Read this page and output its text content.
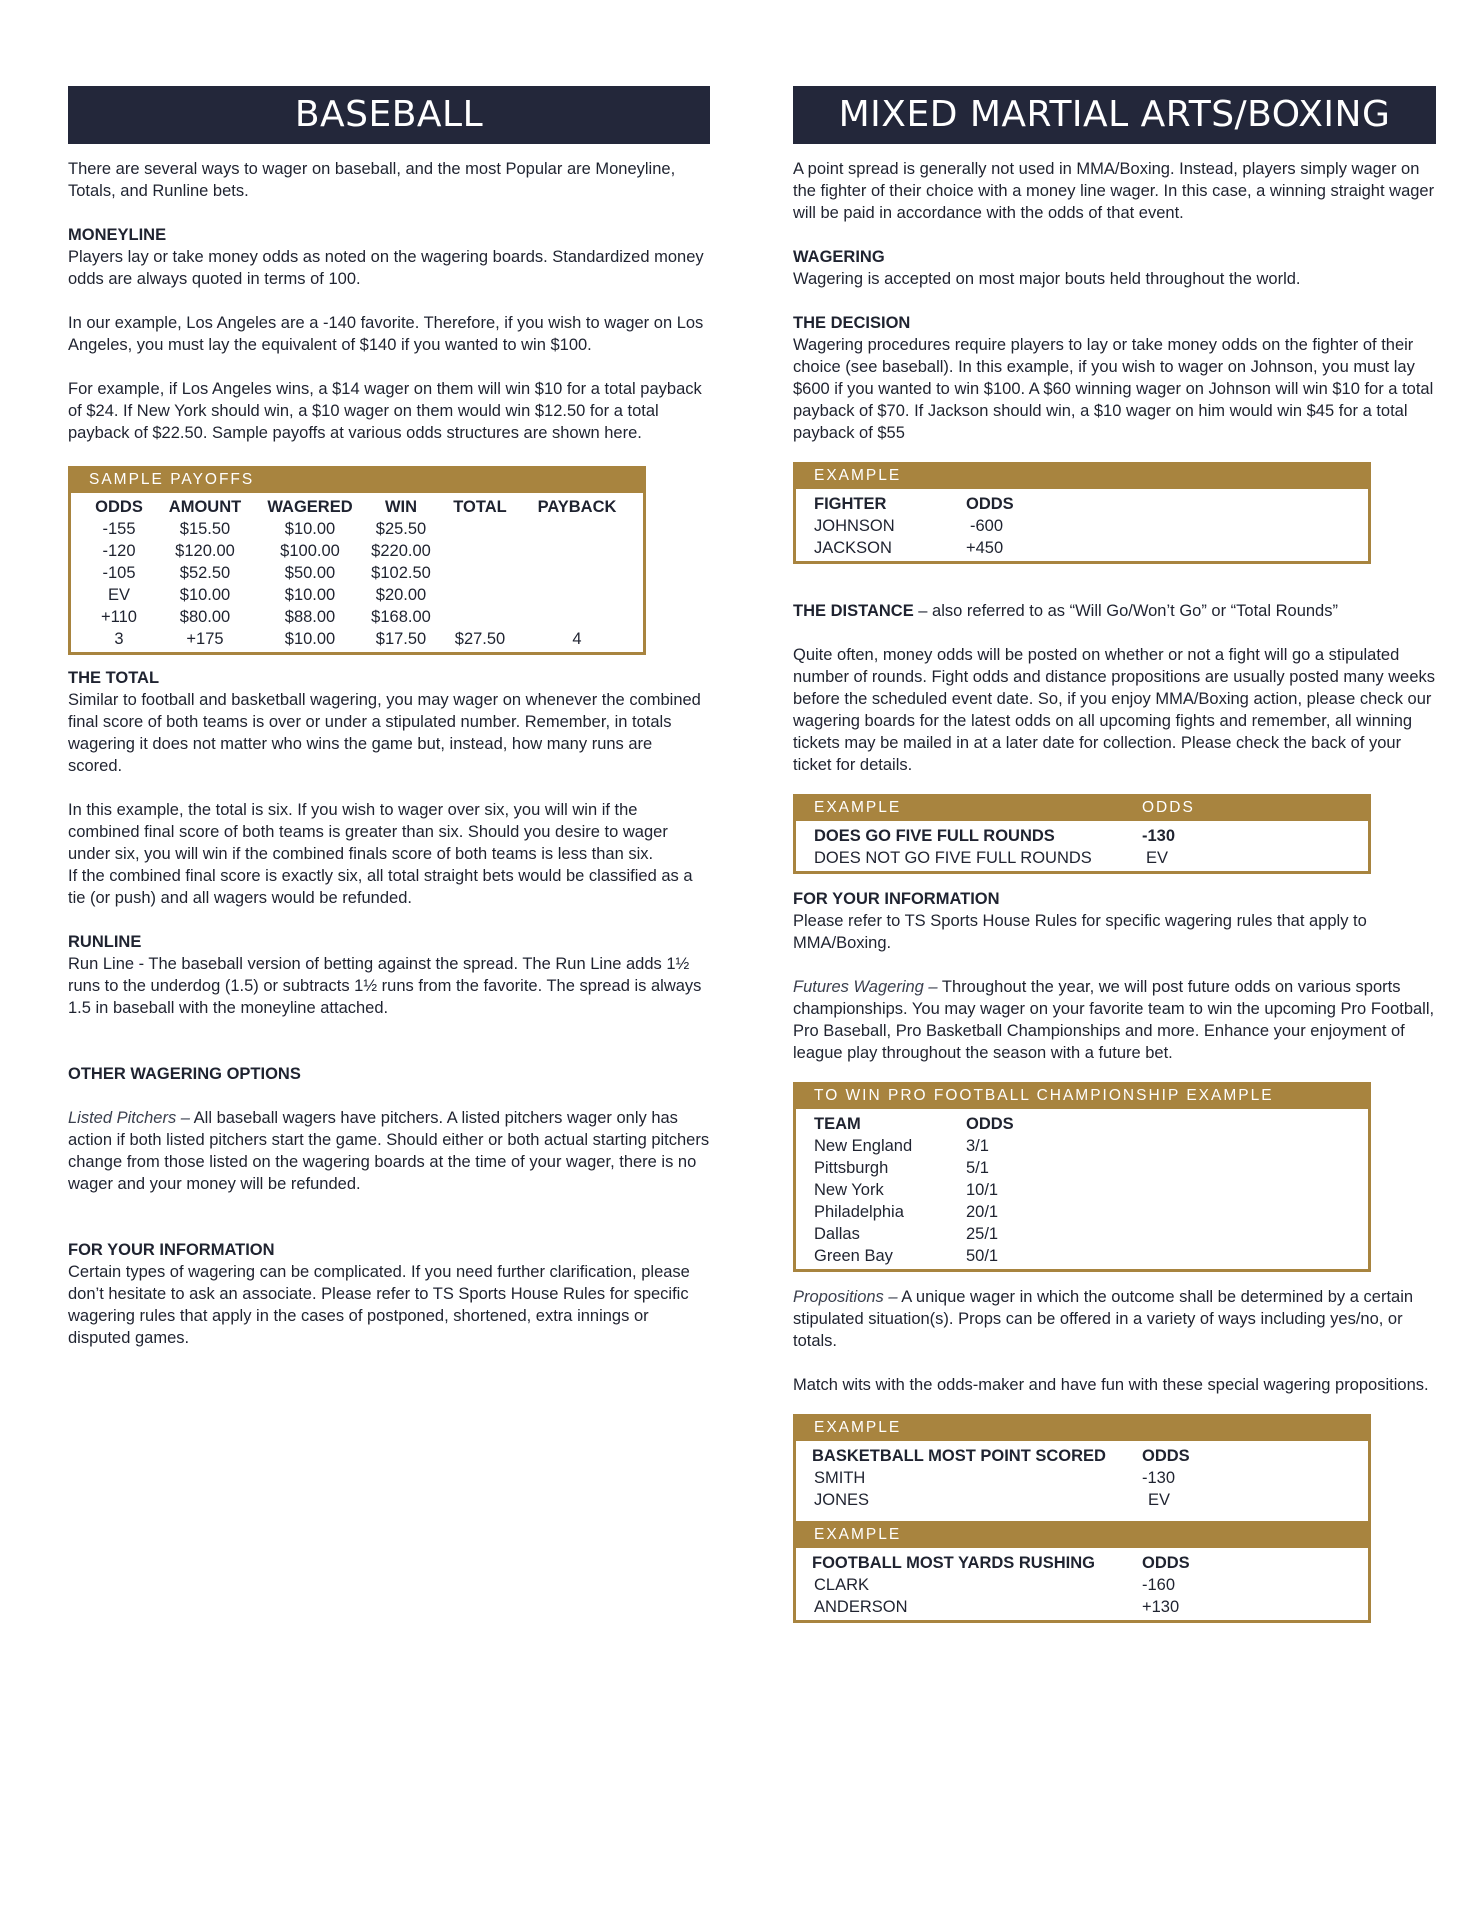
BASEBALL

There are several ways to wager on baseball, and the most Popular are Moneyline, Totals, and Runline bets.

MONEYLINE

Players lay or take money odds as noted on the wagering boards. Standardized money odds are always quoted in terms of 100.

In our example, Los Angeles are a -140 favorite. Therefore, if you wish to wager on Los Angeles, you must lay the equivalent of $140 if you wanted to win $100.

For example, if Los Angeles wins, a $14 wager on them will win $10 for a total payback of $24. If New York should win, a $10 wager on them would win $12.50 for a total payback of $22.50. Sample payoffs at various odds structures are shown here.

SAMPLE PAYOFFS
ODDS	AMOUNT	WAGERED	WIN	TOTAL	PAYBACK
-155	$15.50	$10.00	$25.50		
-120	$120.00	$100.00	$220.00		
-105	$52.50	$50.00	$102.50		
EV	$10.00	$10.00	$20.00		
+110	$80.00	$88.00	$168.00		
3	+175	$10.00	$17.50	$27.50	4

THE TOTAL

Similar to football and basketball wagering, you may wager on whenever the combined final score of both teams is over or under a stipulated number. Remember, in totals wagering it does not matter who wins the game but, instead, how many runs are scored.

In this example, the total is six. If you wish to wager over six, you will win if the combined final score of both teams is greater than six. Should you desire to wager under six, you will win if the combined finals score of both teams is less than six.

If the combined final score is exactly six, all total straight bets would be classified as a tie (or push) and all wagers would be refunded.

RUNLINE

Run Line - The baseball version of betting against the spread. The Run Line adds 1½ runs to the underdog (1.5) or subtracts 1½ runs from the favorite. The spread is always 1.5 in baseball with the moneyline attached.

OTHER WAGERING OPTIONS

Listed Pitchers – All baseball wagers have pitchers. A listed pitchers wager only has action if both listed pitchers start the game. Should either or both actual starting pitchers change from those listed on the wagering boards at the time of your wager, there is no wager and your money will be refunded.

FOR YOUR INFORMATION

Certain types of wagering can be complicated. If you need further clarification, please don’t hesitate to ask an associate. Please refer to TS Sports House Rules for specific wagering rules that apply in the cases of postponed, shortened, extra innings or disputed games.

MIXED MARTIAL ARTS/BOXING

A point spread is generally not used in MMA/Boxing. Instead, players simply wager on the fighter of their choice with a money line wager. In this case, a winning straight wager will be paid in accordance with the odds of that event.

WAGERING

Wagering is accepted on most major bouts held throughout the world.

THE DECISION

Wagering procedures require players to lay or take money odds on the fighter of their choice (see baseball). In this example, if you wish to wager on Johnson, you must lay $600 if you wanted to win $100. A $60 winning wager on Johnson will win $10 for a total payback of $70. If Jackson should win, a $10 wager on him would win $45 for a total payback of $55

EXAMPLE
FIGHTER	ODDS
JOHNSON	-600
JACKSON	+450

THE DISTANCE – also referred to as “Will Go/Won’t Go” or “Total Rounds”

Quite often, money odds will be posted on whether or not a fight will go a stipulated number of rounds. Fight odds and distance propositions are usually posted many weeks before the scheduled event date. So, if you enjoy MMA/Boxing action, please check our wagering boards for the latest odds on all upcoming fights and remember, all winning tickets may be mailed in at a later date for collection. Please check the back of your ticket for details.

EXAMPLE	ODDS
DOES GO FIVE FULL ROUNDS	-130
DOES NOT GO FIVE FULL ROUNDS	EV

FOR YOUR INFORMATION

Please refer to TS Sports House Rules for specific wagering rules that apply to MMA/Boxing.

Futures Wagering – Throughout the year, we will post future odds on various sports championships. You may wager on your favorite team to win the upcoming Pro Football, Pro Baseball, Pro Basketball Championships and more. Enhance your enjoyment of league play throughout the season with a future bet.

TO WIN PRO FOOTBALL CHAMPIONSHIP EXAMPLE
TEAM	ODDS
New England	3/1
Pittsburgh	5/1
New York	10/1
Philadelphia	20/1
Dallas	25/1
Green Bay	50/1

Propositions – A unique wager in which the outcome shall be determined by a certain stipulated situation(s). Props can be offered in a variety of ways including yes/no, or totals.

Match wits with the odds-maker and have fun with these special wagering propositions.

EXAMPLE
BASKETBALL MOST POINT SCORED ODDS
SMITH	-130
JONES	EV
EXAMPLE
FOOTBALL MOST YARDS RUSHING	ODDS
CLARK	-160
ANDERSON	+130
